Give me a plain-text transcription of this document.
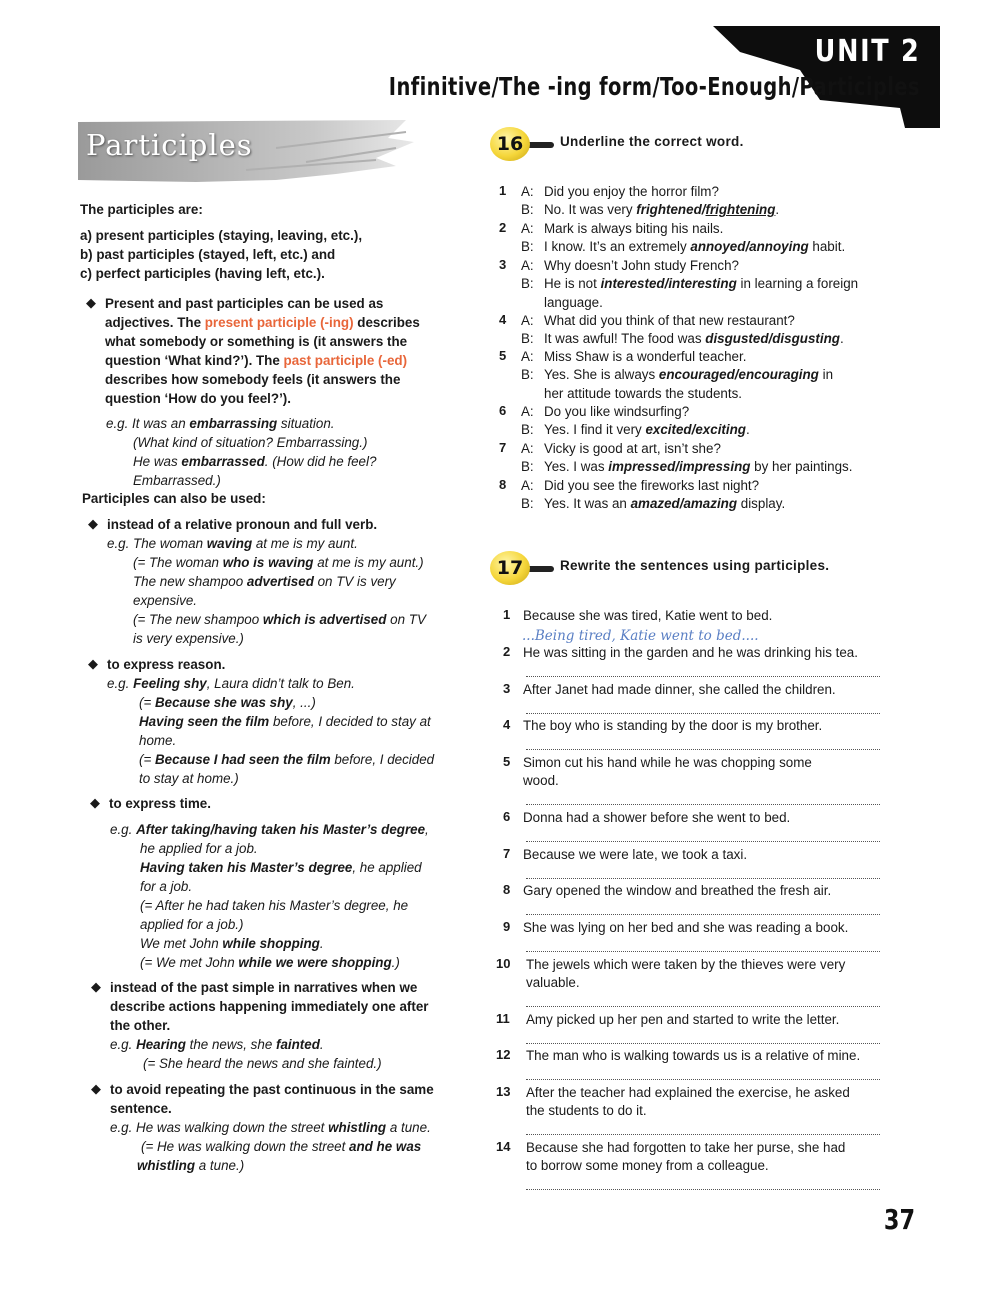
UNIT 2
Infinitive/The -ing form/Too-Enough/Participles
Participles
The participles are:
a) present participles (staying, leaving, etc.),
b) past participles (stayed, left, etc.) and
c) perfect participles (having left, etc.).
◆ Present and past participles can be used as
adjectives. The present participle (-ing) describes
what somebody or something is (it answers the
question ‘What kind?’). The past participle (-ed)
describes how somebody feels (it answers the
question ‘How do you feel?’).
e.g. It was an embarrassing situation.
(What kind of situation? Embarrassing.)
He was embarrassed. (How did he feel?
Embarrassed.)
Participles can also be used:
◆ instead of a relative pronoun and full verb.
e.g. The woman waving at me is my aunt.
(= The woman who is waving at me is my aunt.)
The new shampoo advertised on TV is very
expensive.
(= The new shampoo which is advertised on TV
is very expensive.)
◆ to express reason.
e.g. Feeling shy, Laura didn’t talk to Ben.
(= Because she was shy, ...)
Having seen the film before, I decided to stay at
home.
(= Because I had seen the film before, I decided
to stay at home.)
◆ to express time.
e.g. After taking/having taken his Master’s degree,
he applied for a job.
Having taken his Master’s degree, he applied
for a job.
(= After he had taken his Master’s degree, he
applied for a job.)
We met John while shopping.
(= We met John while we were shopping.)
◆ instead of the past simple in narratives when we
describe actions happening immediately one after
the other.
e.g. Hearing the news, she fainted.
(= She heard the news and she fainted.)
◆ to avoid repeating the past continuous in the same
sentence.
e.g. He was walking down the street whistling a tune.
(= He was walking down the street and he was
whistling a tune.)
16	Underline the correct word.
1 A: Did you enjoy the horror film?
B: No. It was very frightened/frightening.
2 A: Mark is always biting his nails.
B: I know. It’s an extremely annoyed/annoying habit.
3 A: Why doesn’t John study French?
B: He is not interested/interesting in learning a foreign
language.
4 A: What did you think of that new restaurant?
B: It was awful! The food was disgusted/disgusting.
5 A: Miss Shaw is a wonderful teacher.
B: Yes. She is always encouraged/encouraging in
her attitude towards the students.
6 A: Do you like windsurfing?
B: Yes. I find it very excited/exciting.
7 A: Vicky is good at art, isn’t she?
B: Yes. I was impressed/impressing by her paintings.
8 A: Did you see the fireworks last night?
B: Yes. It was an amazed/amazing display.
17	Rewrite the sentences using participles.
1 Because she was tired, Katie went to bed.
...Being tired, Katie went to bed....
2 He was sitting in the garden and he was drinking his tea.
3 After Janet had made dinner, she called the children.
4 The boy who is standing by the door is my brother.
5 Simon cut his hand while he was chopping some
wood.
6 Donna had a shower before she went to bed.
7 Because we were late, we took a taxi.
8 Gary opened the window and breathed the fresh air.
9 She was lying on her bed and she was reading a book.
10 The jewels which were taken by the thieves were very
valuable.
11 Amy picked up her pen and started to write the letter.
12 The man who is walking towards us is a relative of mine.
13 After the teacher had explained the exercise, he asked
the students to do it.
14 Because she had forgotten to take her purse, she had
to borrow some money from a colleague.
37
